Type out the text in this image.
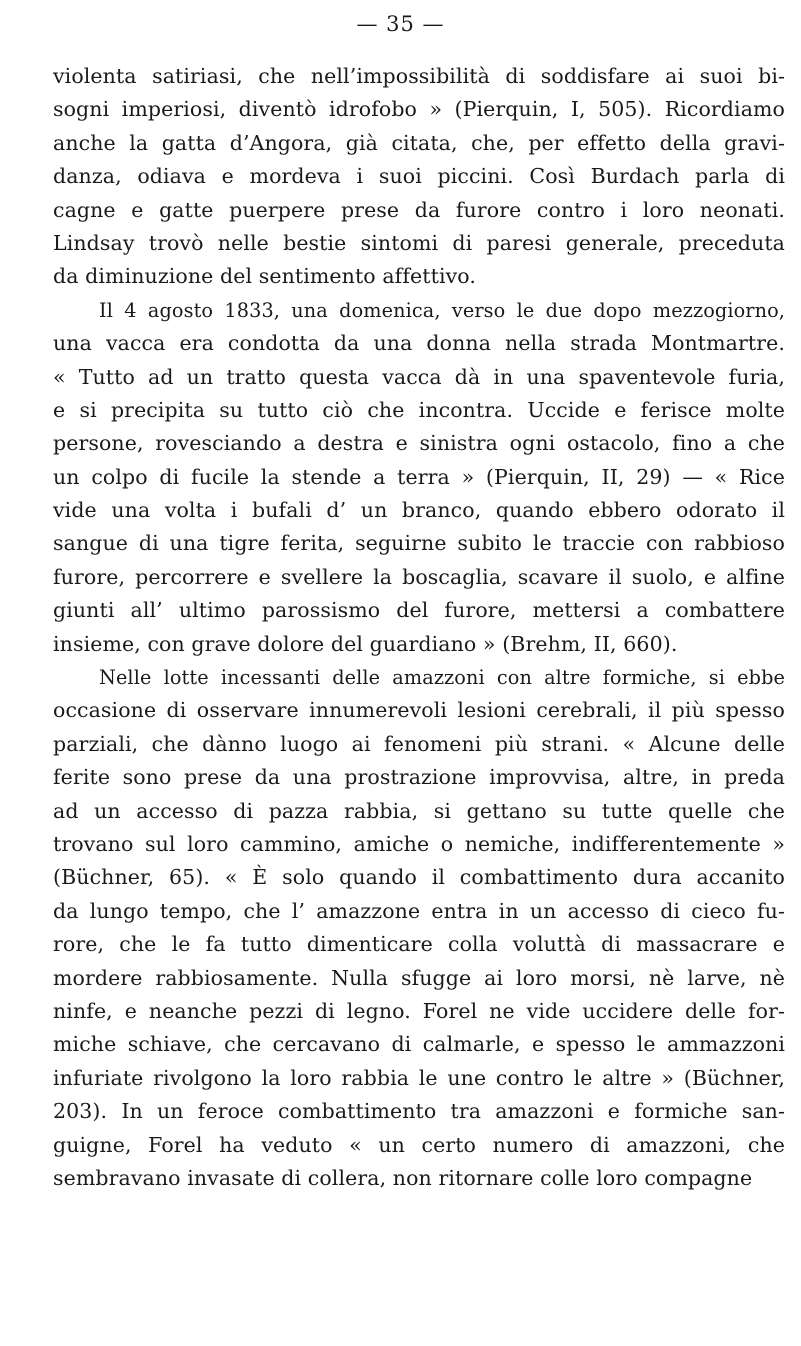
— 35 —
violenta satiriasi, che nell’impossibilità di soddisfare ai suoi bi-
sogni imperiosi, diventò idrofobo » (Pierquin, I, 505). Ricordiamo
anche la gatta d’Angora, già citata, che, per effetto della gravi-
danza, odiava e mordeva i suoi piccini. Così Burdach parla di
cagne e gatte puerpere prese da furore contro i loro neonati.
Lindsay trovò nelle bestie sintomi di paresi generale, preceduta
da diminuzione del sentimento affettivo.
Il 4 agosto 1833, una domenica, verso le due dopo mezzogiorno,
una vacca era condotta da una donna nella strada Montmartre.
« Tutto ad un tratto questa vacca dà in una spaventevole furia,
e si precipita su tutto ciò che incontra. Uccide e ferisce molte
persone, rovesciando a destra e sinistra ogni ostacolo, fino a che
un colpo di fucile la stende a terra » (Pierquin, II, 29) — « Rice
vide una volta i bufali d’ un branco, quando ebbero odorato il
sangue di una tigre ferita, seguirne subito le traccie con rabbioso
furore, percorrere e svellere la boscaglia, scavare il suolo, e alfine
giunti all’ ultimo parossismo del furore, mettersi a combattere
insieme, con grave dolore del guardiano » (Brehm, II, 660).
Nelle lotte incessanti delle amazzoni con altre formiche, si ebbe
occasione di osservare innumerevoli lesioni cerebrali, il più spesso
parziali, che dànno luogo ai fenomeni più strani. « Alcune delle
ferite sono prese da una prostrazione improvvisa, altre, in preda
ad un accesso di pazza rabbia, si gettano su tutte quelle che
trovano sul loro cammino, amiche o nemiche, indifferentemente »
(Büchner, 65). « È solo quando il combattimento dura accanito
da lungo tempo, che l’ amazzone entra in un accesso di cieco fu-
rore, che le fa tutto dimenticare colla voluttà di massacrare e
mordere rabbiosamente. Nulla sfugge ai loro morsi, nè larve, nè
ninfe, e neanche pezzi di legno. Forel ne vide uccidere delle for-
miche schiave, che cercavano di calmarle, e spesso le ammazzoni
infuriate rivolgono la loro rabbia le une contro le altre » (Büchner,
203). In un feroce combattimento tra amazzoni e formiche san-
guigne, Forel ha veduto « un certo numero di amazzoni, che
sembravano invasate di collera, non ritornare colle loro compagne
